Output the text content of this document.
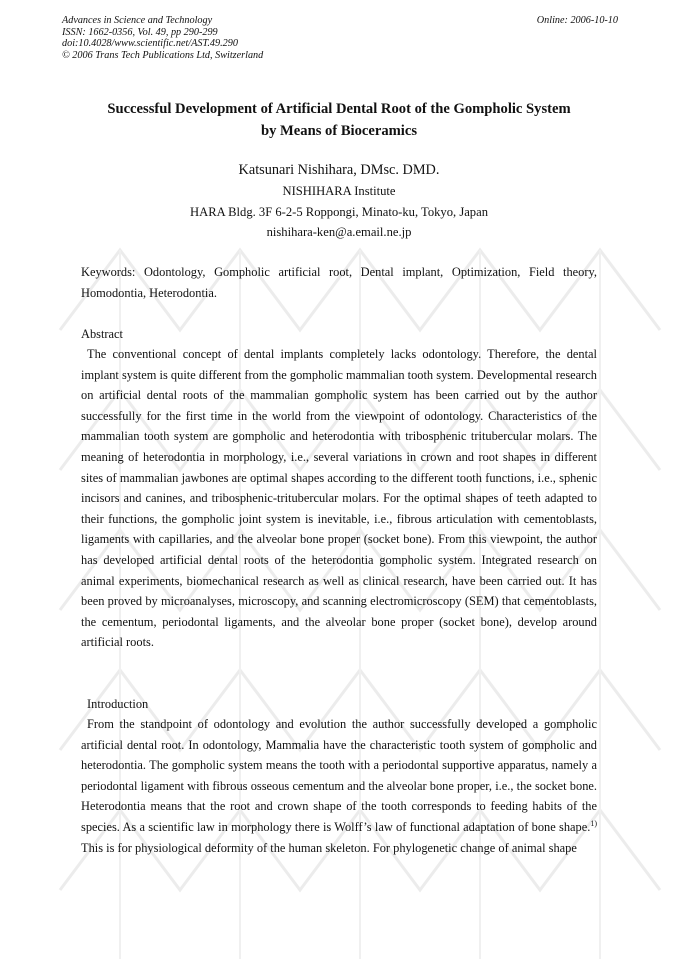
Advances in Science and Technology
ISSN: 1662-0356, Vol. 49, pp 290-299
doi:10.4028/www.scientific.net/AST.49.290
© 2006 Trans Tech Publications Ltd, Switzerland
Online: 2006-10-10
Successful Development of Artificial Dental Root of the Gompholic System
by Means of Bioceramics
Katsunari Nishihara, DMsc. DMD.
NISHIHARA Institute
HARA Bldg. 3F 6-2-5 Roppongi, Minato-ku, Tokyo, Japan
nishihara-ken@a.email.ne.jp
Keywords: Odontology, Gompholic artificial root, Dental implant, Optimization, Field theory, Homodontia, Heterodontia.
Abstract
The conventional concept of dental implants completely lacks odontology. Therefore, the dental implant system is quite different from the gompholic mammalian tooth system. Developmental research on artificial dental roots of the mammalian gompholic system has been carried out by the author successfully for the first time in the world from the viewpoint of odontology. Characteristics of the mammalian tooth system are gompholic and heterodontia with tribosphenic tritubercular molars. The meaning of heterodontia in morphology, i.e., several variations in crown and root shapes in different sites of mammalian jawbones are optimal shapes according to the different tooth functions, i.e., sphenic incisors and canines, and tribosphenic-tritubercular molars. For the optimal shapes of teeth adapted to their functions, the gompholic joint system is inevitable, i.e., fibrous articulation with cementoblasts, ligaments with capillaries, and the alveolar bone proper (socket bone). From this viewpoint, the author has developed artificial dental roots of the heterodontia gompholic system. Integrated research on animal experiments, biomechanical research as well as clinical research, have been carried out. It has been proved by microanalyses, microscopy, and scanning electromicroscopy (SEM) that cementoblasts, the cementum, periodontal ligaments, and the alveolar bone proper (socket bone), develop around artificial roots.
Introduction
From the standpoint of odontology and evolution the author successfully developed a gompholic artificial dental root. In odontology, Mammalia have the characteristic tooth system of gompholic and heterodontia. The gompholic system means the tooth with a periodontal supportive apparatus, namely a periodontal ligament with fibrous osseous cementum and the alveolar bone proper, i.e., the socket bone. Heterodontia means that the root and crown shape of the tooth corresponds to feeding habits of the species. As a scientific law in morphology there is Wolff’s law of functional adaptation of bone shape.$^{1)}$ This is for physiological deformity of the human skeleton. For phylogenetic change of animal shape
